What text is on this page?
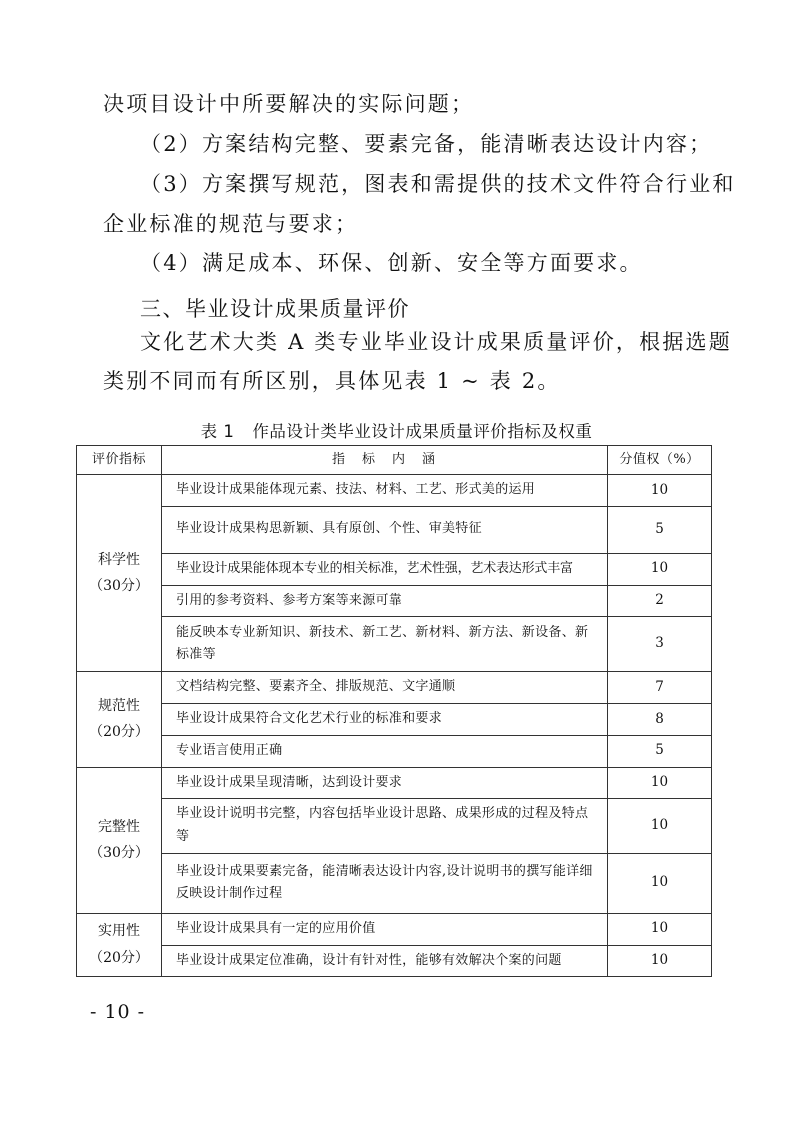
决项目设计中所要解决的实际问题；
（2）方案结构完整、要素完备，能清晰表达设计内容；
（3）方案撰写规范，图表和需提供的技术文件符合行业和
企业标准的规范与要求；
（4）满足成本、环保、创新、安全等方面要求。
三、毕业设计成果质量评价
文化艺术大类 A 类专业毕业设计成果质量评价，根据选题
类别不同而有所区别，具体见表 1 ~ 表 2。
表 1 作品设计类毕业设计成果质量评价指标及权重
评价指标	指　标　内　涵	分值权（%）

科学性
（30分）	毕业设计成果能体现元素、技法、材料、工艺、形式美的运用	10
	毕业设计成果构思新颖、具有原创、个性、审美特征	5
	毕业设计成果能体现本专业的相关标准，艺术性强，艺术表达形式丰富	10
	引用的参考资料、参考方案等来源可靠	2
	能反映本专业新知识、新技术、新工艺、新材料、新方法、新设备、新标准等	3

规范性
（20分）	文档结构完整、要素齐全、排版规范、文字通顺	7
	毕业设计成果符合文化艺术行业的标准和要求	8
	专业语言使用正确	5

完整性
（30分）	毕业设计成果呈现清晰，达到设计要求	10
	毕业设计说明书完整，内容包括毕业设计思路、成果形成的过程及特点等	10
	毕业设计成果要素完备，能清晰表达设计内容,设计说明书的撰写能详细反映设计制作过程	10

实用性
（20分）	毕业设计成果具有一定的应用价值	10
	毕业设计成果定位准确，设计有针对性，能够有效解决个案的问题	10
- 10 -
